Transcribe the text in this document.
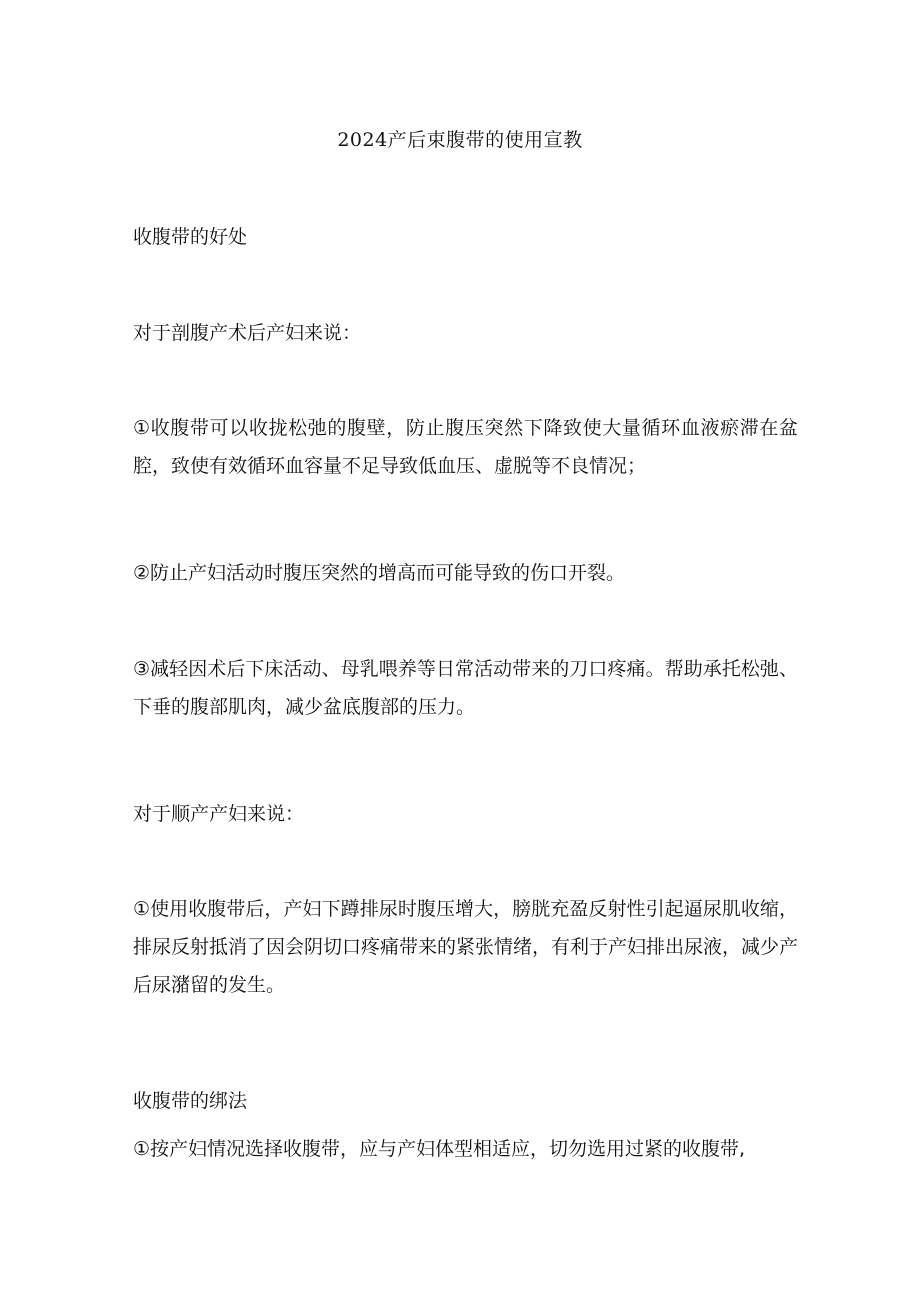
2024产后束腹带的使用宣教

收腹带的好处

对于剖腹产术后产妇来说：

①收腹带可以收拢松弛的腹壁，防止腹压突然下降致使大量循环血液瘀滞在盆腔，致使有效循环血容量不足导致低血压、虚脱等不良情况；

②防止产妇活动时腹压突然的增高而可能导致的伤口开裂。

③减轻因术后下床活动、母乳喂养等日常活动带来的刀口疼痛。帮助承托松弛、下垂的腹部肌肉，减少盆底腹部的压力。

对于顺产产妇来说：

①使用收腹带后，产妇下蹲排尿时腹压增大，膀胱充盈反射性引起逼尿肌收缩，排尿反射抵消了因会阴切口疼痛带来的紧张情绪，有利于产妇排出尿液，减少产后尿潴留的发生。

收腹带的绑法

①按产妇情况选择收腹带，应与产妇体型相适应，切勿选用过紧的收腹带,
